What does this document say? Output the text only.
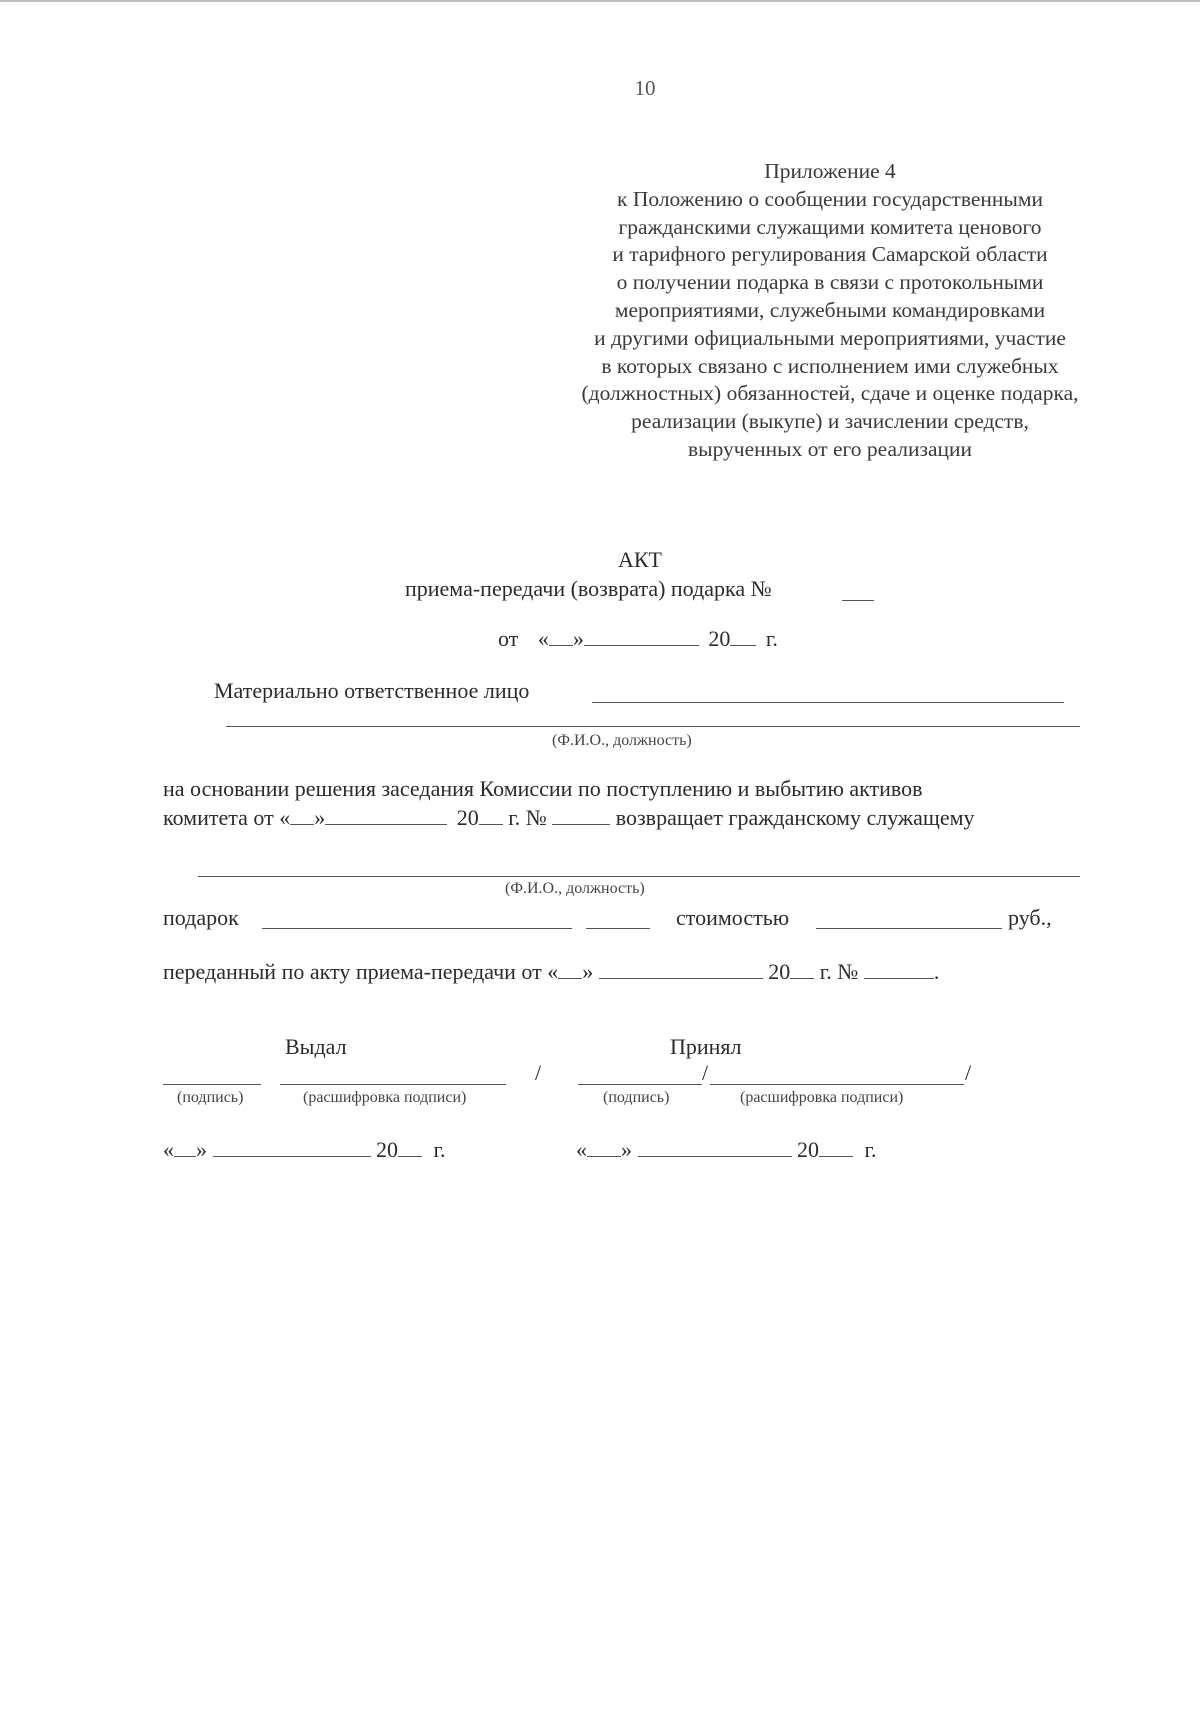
10
Приложение 4
к Положению о сообщении государственными
гражданскими служащими комитета ценового
и тарифного регулирования Самарской области
о получении подарка в связи с протокольными
мероприятиями, служебными командировками
и другими официальными мероприятиями, участие
в которых связано с исполнением ими служебных
(должностных) обязанностей, сдаче и оценке подарка,
реализации (выкупе) и зачислении средств,
вырученных от его реализации
АКТ
приема-передачи (возврата) подарка №
от « »	20 г.
Материально ответственное лицо
(Ф.И.О., должность)
на основании решения заседания Комиссии по поступлению и выбытию активов
комитета от « »	20 г. №	возвращает гражданскому служащему
(Ф.И.О., должность)
подарок	стоимостью	руб.,
переданный по акту приема-передачи от « »	20 г. №	.
Выдал	Принял
/	/	/
(подпись)	(расшифровка подписи)	(подпись)	(расшифровка подписи)
« »	20 г.	« »	20 г.
